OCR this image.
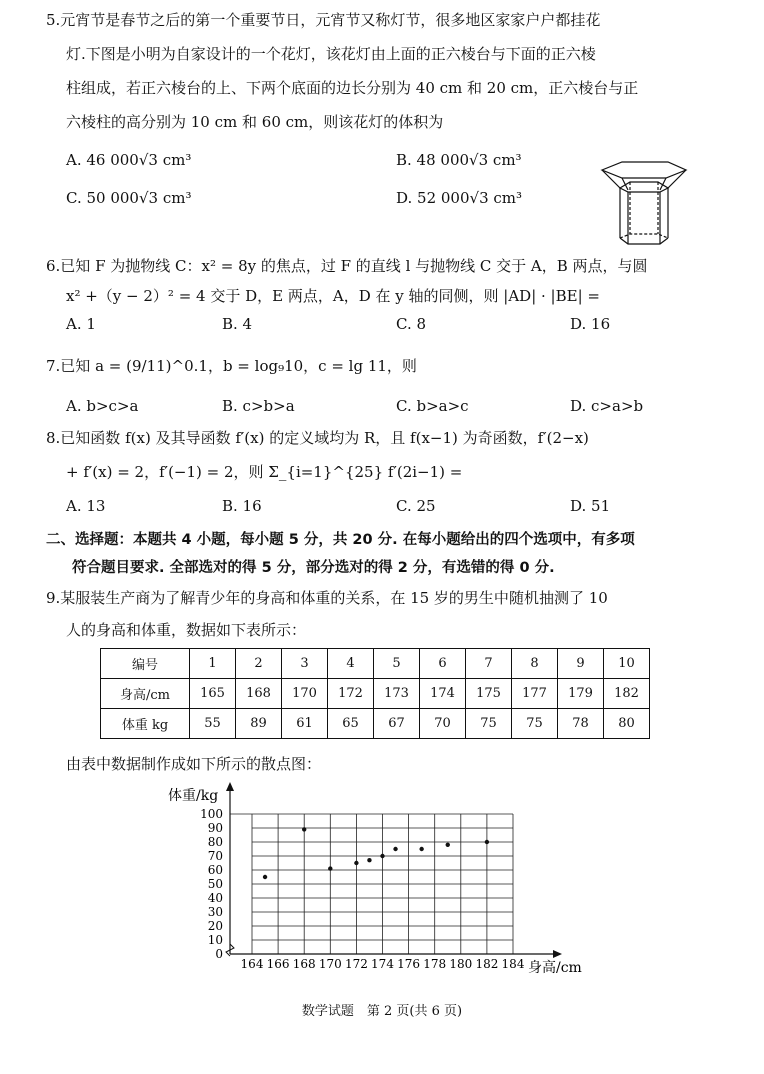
5.元宵节是春节之后的第一个重要节日，元宵节又称灯节，很多地区家家户户都挂花
灯.下图是小明为自家设计的一个花灯，该花灯由上面的正六棱台与下面的正六棱
柱组成，若正六棱台的上、下两个底面的边长分别为 40 cm 和 20 cm，正六棱台与正
六棱柱的高分别为 10 cm 和 60 cm，则该花灯的体积为
A. 46 000√3 cm³	B. 48 000√3 cm³
C. 50 000√3 cm³	D. 52 000√3 cm³
6.已知 F 为抛物线 C：x² = 8y 的焦点，过 F 的直线 l 与抛物线 C 交于 A，B 两点，与圆
x² +（y − 2）² = 4 交于 D，E 两点，A，D 在 y 轴的同侧，则 |AD| · |BE| =
A. 1	B. 4	C. 8	D. 16
7.已知 a = (9/11)^0.1，b = log₉10，c = lg 11，则
A. b>c>a	B. c>b>a	C. b>a>c	D. c>a>b
8.已知函数 f(x) 及其导函数 f′(x) 的定义域均为 R，且 f(x−1) 为奇函数，f′(2−x)
+ f′(x) = 2，f′(−1) = 2，则 Σ_{i=1}^{25} f′(2i−1) =
A. 13	B. 16	C. 25	D. 51
二、选择题：本题共 4 小题，每小题 5 分，共 20 分. 在每小题给出的四个选项中，有多项
符合题目要求. 全部选对的得 5 分，部分选对的得 2 分，有选错的得 0 分.
9.某服装生产商为了解青少年的身高和体重的关系，在 15 岁的男生中随机抽测了 10
人的身高和体重，数据如下表所示：
编号	1	2	3	4	5	6	7	8	9	10
身高/cm	165	168	170	172	173	174	175	177	179	182
体重 kg	55	89	61	65	67	70	75	75	78	80
由表中数据制作成如下所示的散点图：
164 166 168 170 172 174 176 178 180 182 184
0
10
20
30
40
50
60
70
80
90
100
体重/kg
身高/cm
数学试题　第 2 页(共 6 页)
